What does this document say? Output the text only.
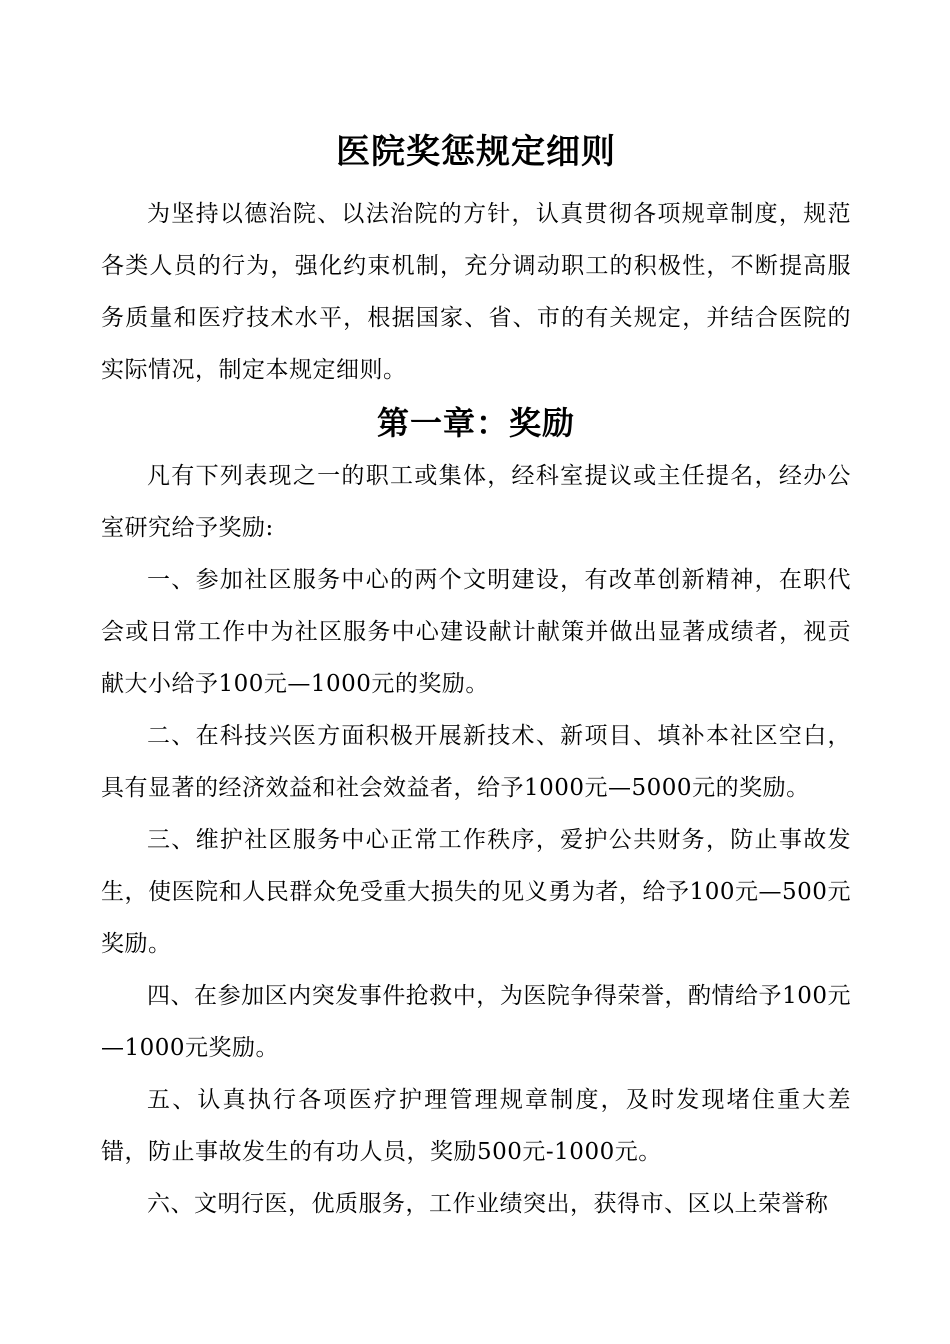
医院奖惩规定细则

为坚持以德治院、以法治院的方针，认真贯彻各项规章制度，规范各类人员的行为，强化约束机制，充分调动职工的积极性，不断提高服务质量和医疗技术水平，根据国家、省、市的有关规定，并结合医院的实际情况，制定本规定细则。

第一章：奖励

凡有下列表现之一的职工或集体，经科室提议或主任提名，经办公室研究给予奖励:

一、参加社区服务中心的两个文明建设，有改革创新精神，在职代会或日常工作中为社区服务中心建设献计献策并做出显著成绩者，视贡献大小给予100元—1000元的奖励。

二、在科技兴医方面积极开展新技术、新项目、填补本社区空白，具有显著的经济效益和社会效益者，给予1000元—5000元的奖励。

三、维护社区服务中心正常工作秩序，爱护公共财务，防止事故发生，使医院和人民群众免受重大损失的见义勇为者，给予100元—500元奖励。

四、在参加区内突发事件抢救中，为医院争得荣誉，酌情给予100元—1000元奖励。

五、认真执行各项医疗护理管理规章制度，及时发现堵住重大差错，防止事故发生的有功人员，奖励500元-1000元。

六、文明行医，优质服务，工作业绩突出，获得市、区以上荣誉称
